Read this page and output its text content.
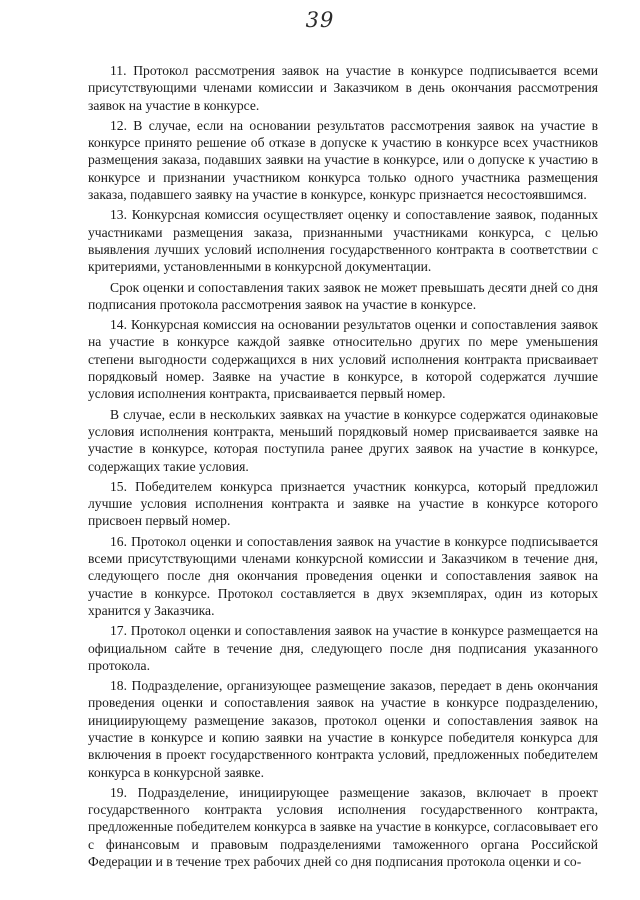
39

11. Протокол рассмотрения заявок на участие в конкурсе подписывается всеми присутствующими членами комиссии и Заказчиком в день окончания рассмотрения заявок на участие в конкурсе.

12. В случае, если на основании результатов рассмотрения заявок на участие в конкурсе принято решение об отказе в допуске к участию в конкурсе всех участников размещения заказа, подавших заявки на участие в конкурсе, или о допуске к участию в конкурсе и признании участником конкурса только одного участника размещения заказа, подавшего заявку на участие в конкурсе, конкурс признается несостоявшимся.

13. Конкурсная комиссия осуществляет оценку и сопоставление заявок, поданных участниками размещения заказа, признанными участниками конкурса, с целью выявления лучших условий исполнения государственного контракта в соответствии с критериями, установленными в конкурсной документации.

Срок оценки и сопоставления таких заявок не может превышать десяти дней со дня подписания протокола рассмотрения заявок на участие в конкурсе.

14. Конкурсная комиссия на основании результатов оценки и сопоставления заявок на участие в конкурсе каждой заявке относительно других по мере уменьшения степени выгодности содержащихся в них условий исполнения контракта присваивает порядковый номер. Заявке на участие в конкурсе, в которой содержатся лучшие условия исполнения контракта, присваивается первый номер.

В случае, если в нескольких заявках на участие в конкурсе содержатся одинаковые условия исполнения контракта, меньший порядковый номер присваивается заявке на участие в конкурсе, которая поступила ранее других заявок на участие в конкурсе, содержащих такие условия.

15. Победителем конкурса признается участник конкурса, который предложил лучшие условия исполнения контракта и заявке на участие в конкурсе которого присвоен первый номер.

16. Протокол оценки и сопоставления заявок на участие в конкурсе подписывается всеми присутствующими членами конкурсной комиссии и Заказчиком в течение дня, следующего после дня окончания проведения оценки и сопоставления заявок на участие в конкурсе. Протокол составляется в двух экземплярах, один из которых хранится у Заказчика.

17. Протокол оценки и сопоставления заявок на участие в конкурсе размещается на официальном сайте в течение дня, следующего после дня подписания указанного протокола.

18. Подразделение, организующее размещение заказов, передает в день окончания проведения оценки и сопоставления заявок на участие в конкурсе подразделению, инициирующему размещение заказов, протокол оценки и сопоставления заявок на участие в конкурсе и копию заявки на участие в конкурсе победителя конкурса для включения в проект государственного контракта условий, предложенных победителем конкурса в конкурсной заявке.

19. Подразделение, инициирующее размещение заказов, включает в проект государственного контракта условия исполнения государственного контракта, предложенные победителем конкурса в заявке на участие в конкурсе, согласовывает его с финансовым и правовым подразделениями таможенного органа Российской Федерации и в течение трех рабочих дней со дня подписания протокола оценки и со-
